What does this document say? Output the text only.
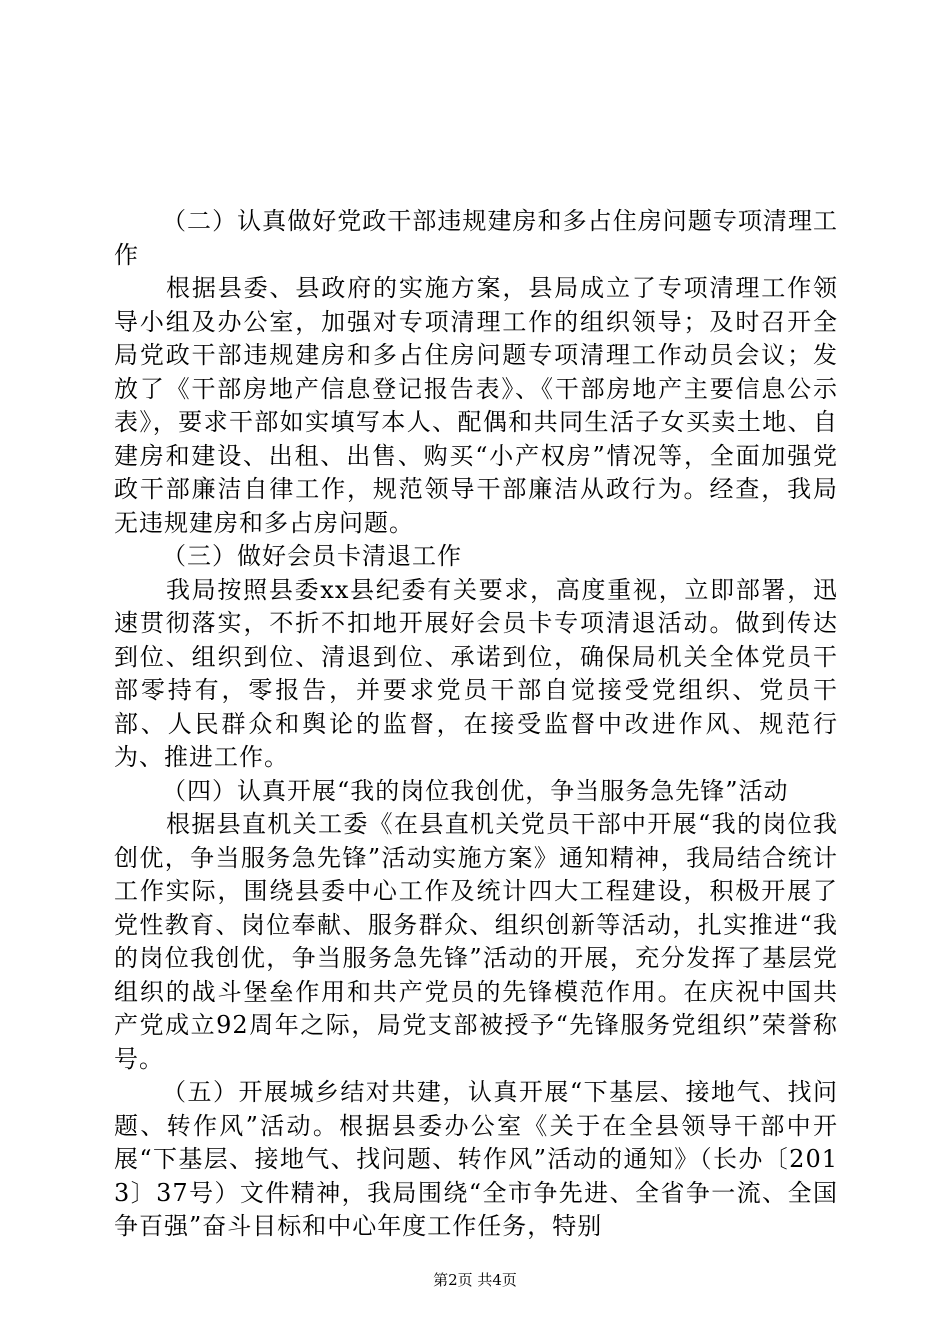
（二）认真做好党政干部违规建房和多占住房问题专项清理工作

根据县委、县政府的实施方案，县局成立了专项清理工作领导小组及办公室，加强对专项清理工作的组织领导；及时召开全局党政干部违规建房和多占住房问题专项清理工作动员会议；发放了《干部房地产信息登记报告表》、《干部房地产主要信息公示表》，要求干部如实填写本人、配偶和共同生活子女买卖土地、自建房和建设、出租、出售、购买“小产权房”情况等，全面加强党政干部廉洁自律工作，规范领导干部廉洁从政行为。经查，我局无违规建房和多占房问题。

（三）做好会员卡清退工作

我局按照县委xx县纪委有关要求，高度重视，立即部署，迅速贯彻落实，不折不扣地开展好会员卡专项清退活动。做到传达到位、组织到位、清退到位、承诺到位，确保局机关全体党员干部零持有，零报告，并要求党员干部自觉接受党组织、党员干部、人民群众和舆论的监督，在接受监督中改进作风、规范行为、推进工作。

（四）认真开展“我的岗位我创优，争当服务急先锋”活动

根据县直机关工委《在县直机关党员干部中开展“我的岗位我创优，争当服务急先锋”活动实施方案》通知精神，我局结合统计工作实际，围绕县委中心工作及统计四大工程建设，积极开展了党性教育、岗位奉献、服务群众、组织创新等活动，扎实推进“我的岗位我创优，争当服务急先锋”活动的开展，充分发挥了基层党组织的战斗堡垒作用和共产党员的先锋模范作用。在庆祝中国共产党成立92周年之际，局党支部被授予“先锋服务党组织”荣誉称号。

（五）开展城乡结对共建，认真开展“下基层、接地气、找问题、转作风”活动。根据县委办公室《关于在全县领导干部中开展“下基层、接地气、找问题、转作风”活动的通知》（长办〔2013〕37号）文件精神，我局围绕“全市争先进、全省争一流、全国争百强”奋斗目标和中心年度工作任务，特别

第2页 共4页
